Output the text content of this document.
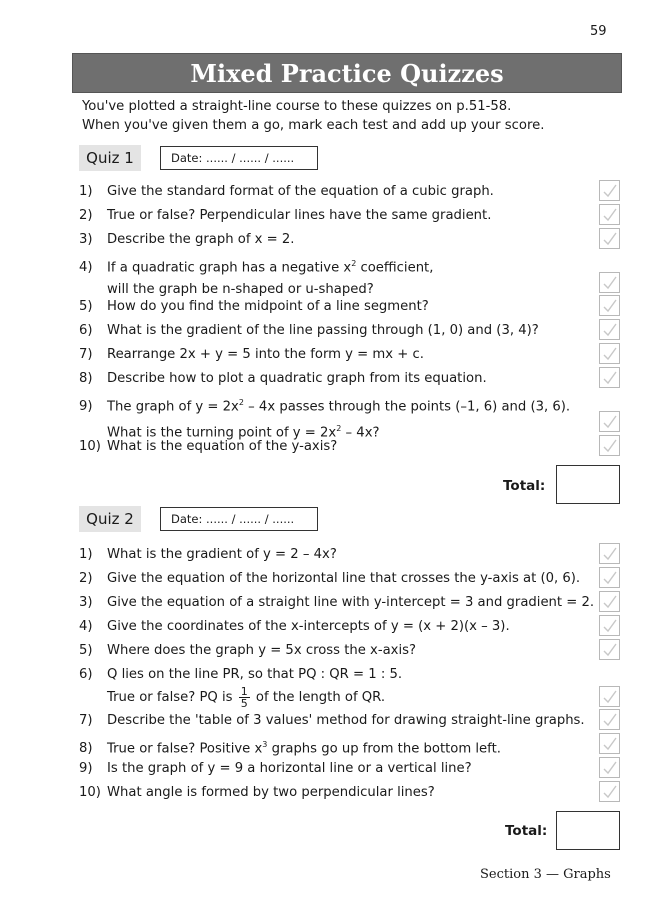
59
Mixed Practice Quizzes
You've plotted a straight-line course to these quizzes on p.51-58.
When you've given them a go, mark each test and add up your score.
Quiz 1	Date: ...... / ...... / ......
1) Give the standard format of the equation of a cubic graph.
2) True or false? Perpendicular lines have the same gradient.
3) Describe the graph of x = 2.
4) If a quadratic graph has a negative $x^2$ coefficient,
will the graph be n-shaped or u-shaped?
5) How do you find the midpoint of a line segment?
6) What is the gradient of the line passing through (1, 0) and (3, 4)?
7) Rearrange 2x + y = 5 into the form y = mx + c.
8) Describe how to plot a quadratic graph from its equation.
9) The graph of $y = 2x^2 - 4x$ passes through the points (–1, 6) and (3, 6).
What is the turning point of $y = 2x^2 - 4x$?
10) What is the equation of the y-axis?
Total:
Quiz 2	Date: ...... / ...... / ......
1) What is the gradient of y = 2 – 4x?
2) Give the equation of the horizontal line that crosses the y-axis at (0, 6).
3) Give the equation of a straight line with y-intercept = 3 and gradient = 2.
4) Give the coordinates of the x-intercepts of y = (x + 2)(x – 3).
5) Where does the graph y = 5x cross the x-axis?
6) Q lies on the line PR, so that PQ : QR = 1 : 5.
True or false? PQ is $\frac{1}{5}$ of the length of QR.
7) Describe the 'table of 3 values' method for drawing straight-line graphs.
8) True or false? Positive $x^3$ graphs go up from the bottom left.
9) Is the graph of y = 9 a horizontal line or a vertical line?
10) What angle is formed by two perpendicular lines?
Total:
Section 3 — Graphs
